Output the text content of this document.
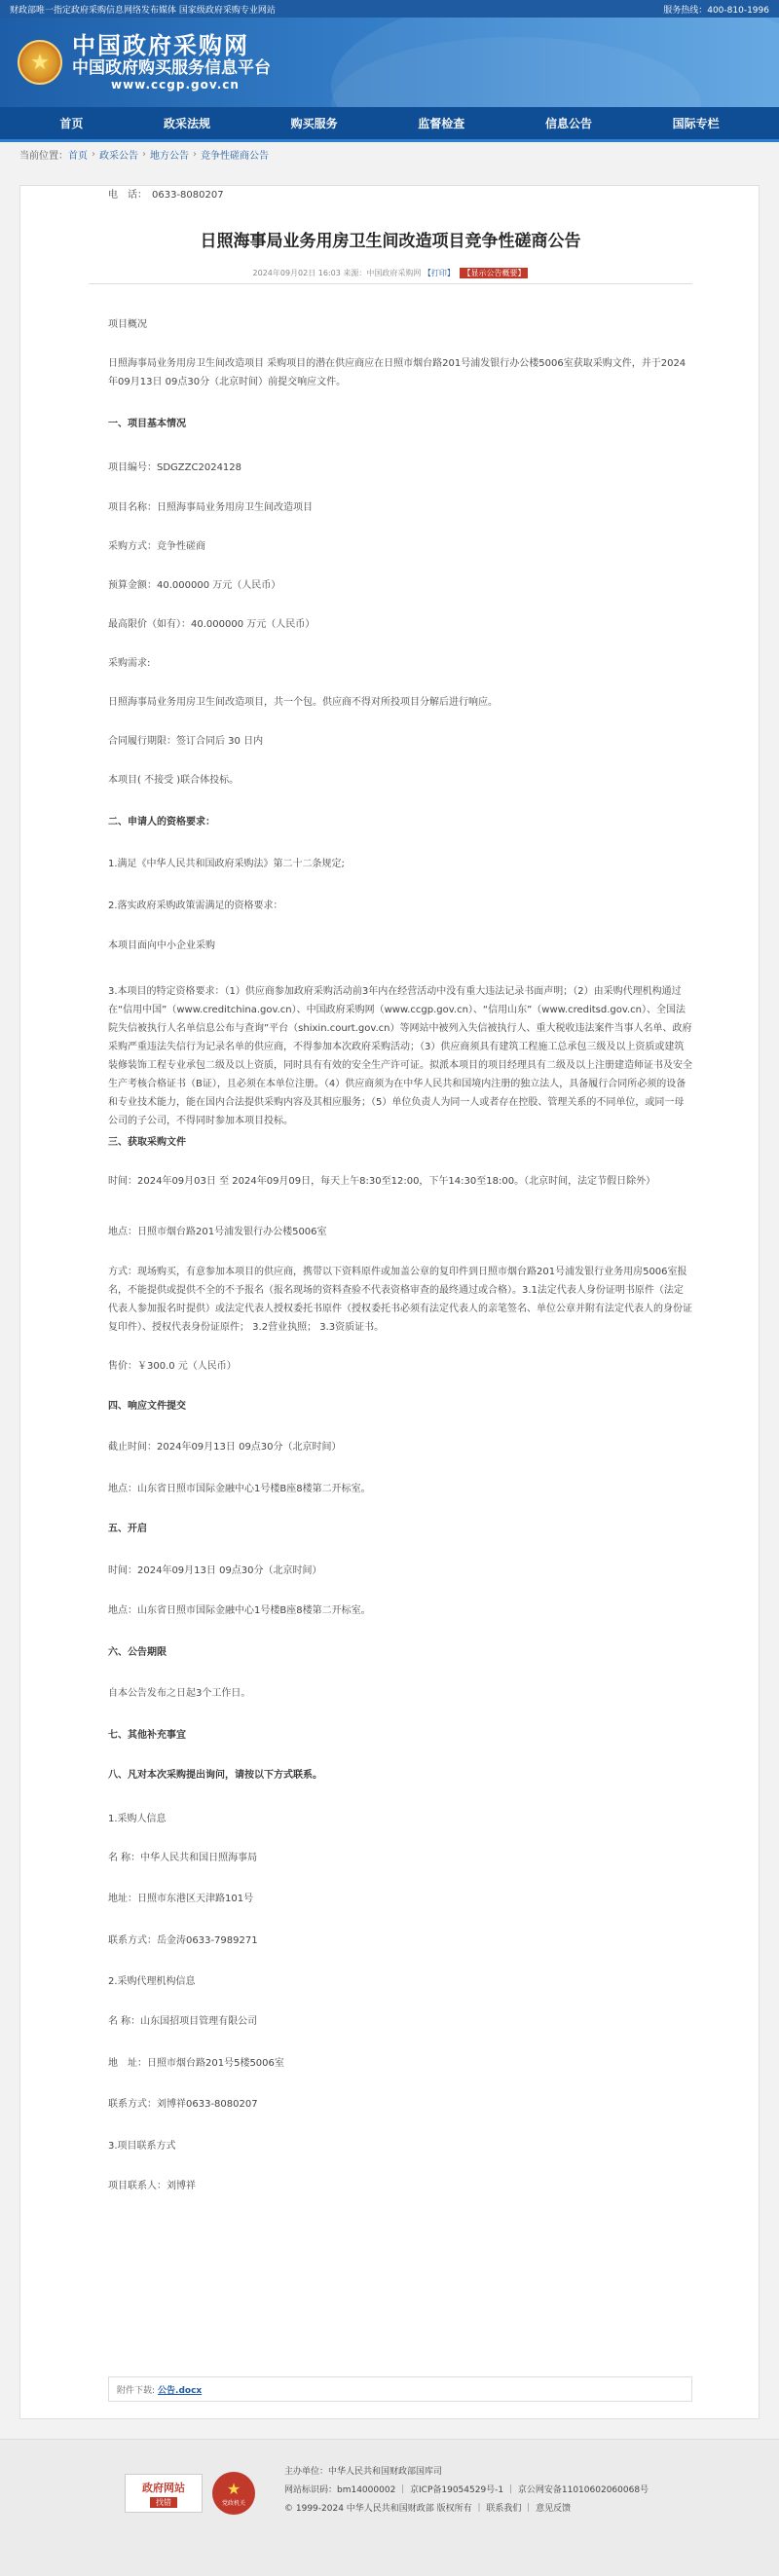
财政部唯一指定政府采购信息网络发布媒体 国家级政府采购专业网站	服务热线：400-810-1996
★
中国政府采购网
中国政府购买服务信息平台
www.ccgp.gov.cn
首页	政采法规	购买服务	监督检查	信息公告	国际专栏
当前位置： 首页 › 政采公告 › 地方公告 › 竞争性磋商公告
日照海事局业务用房卫生间改造项目竞争性磋商公告
2024年09月02日 16:03 来源：中国政府采购网 【打印】 【显示公告概要】
项目概况
日照海事局业务用房卫生间改造项目 采购项目的潜在供应商应在日照市烟台路201号浦发银行办公楼5006室获取采购文件，并于2024年09月13日 09点30分（北京时间）前提交响应文件。
一、项目基本情况
项目编号：SDGZZC2024128
项目名称：日照海事局业务用房卫生间改造项目
采购方式：竞争性磋商
预算金额：40.000000 万元（人民币）
最高限价（如有）：40.000000 万元（人民币）
采购需求:
日照海事局业务用房卫生间改造项目，共一个包。供应商不得对所投项目分解后进行响应。
合同履行期限：签订合同后 30 日内
本项目( 不接受 )联合体投标。
二、申请人的资格要求：
1.满足《中华人民共和国政府采购法》第二十二条规定;
2.落实政府采购政策需满足的资格要求：
本项目面向中小企业采购
3.本项目的特定资格要求：（1）供应商参加政府采购活动前3年内在经营活动中没有重大违法记录书面声明；（2）由采购代理机构通过在“信用中国”（www.creditchina.gov.cn）、中国政府采购网（www.ccgp.gov.cn）、“信用山东”（www.creditsd.gov.cn）、全国法院失信被执行人名单信息公布与查询”平台（shixin.court.gov.cn）等网站中被列入失信被执行人、重大税收违法案件当事人名单、政府采购严重违法失信行为记录名单的供应商，不得参加本次政府采购活动；（3）供应商须具有建筑工程施工总承包三级及以上资质或建筑装修装饰工程专业承包二级及以上资质，同时具有有效的安全生产许可证。拟派本项目的项目经理具有二级及以上注册建造师证书及安全生产考核合格证书（B证），且必须在本单位注册。（4）供应商须为在中华人民共和国境内注册的独立法人，具备履行合同所必须的设备和专业技术能力，能在国内合法提供采购内容及其相应服务；（5）单位负责人为同一人或者存在控股、管理关系的不同单位，或同一母公司的子公司，不得同时参加本项目投标。
三、获取采购文件
时间：2024年09月03日 至 2024年09月09日，每天上午8:30至12:00，下午14:30至18:00。（北京时间，法定节假日除外）
地点：日照市烟台路201号浦发银行办公楼5006室
方式：现场购买，有意参加本项目的供应商，携带以下资料原件或加盖公章的复印件到日照市烟台路201号浦发银行业务用房5006室报名，不能提供或提供不全的不予报名（报名现场的资料查验不代表资格审查的最终通过或合格）。3.1法定代表人身份证明书原件（法定代表人参加报名时提供）或法定代表人授权委托书原件（授权委托书必须有法定代表人的亲笔签名、单位公章并附有法定代表人的身份证复印件）、授权代表身份证原件； 3.2营业执照； 3.3资质证书。
售价：￥300.0 元（人民币）
四、响应文件提交
截止时间：2024年09月13日 09点30分（北京时间）
地点：山东省日照市国际金融中心1号楼B座8楼第二开标室。
五、开启
时间：2024年09月13日 09点30分（北京时间）
地点：山东省日照市国际金融中心1号楼B座8楼第二开标室。
六、公告期限
自本公告发布之日起3个工作日。
七、其他补充事宜
八、凡对本次采购提出询问，请按以下方式联系。
1.采购人信息
名 称：中华人民共和国日照海事局
地址：日照市东港区天津路101号
联系方式：岳金涛0633-7989271
2.采购代理机构信息
名 称：山东国招项目管理有限公司
地　址：日照市烟台路201号5楼5006室
联系方式：刘博祥0633-8080207
3.项目联系方式
项目联系人：刘博祥
电　话：　0633-8080207
附件下载: 公告.docx
政府网站
找错
★
党政机关
主办单位：中华人民共和国财政部国库司
网站标识码：bm14000002 ｜ 京ICP备19054529号-1 ｜ 京公网安备11010602060068号
© 1999-2024 中华人民共和国财政部 版权所有 ｜ 联系我们 ｜ 意见反馈
